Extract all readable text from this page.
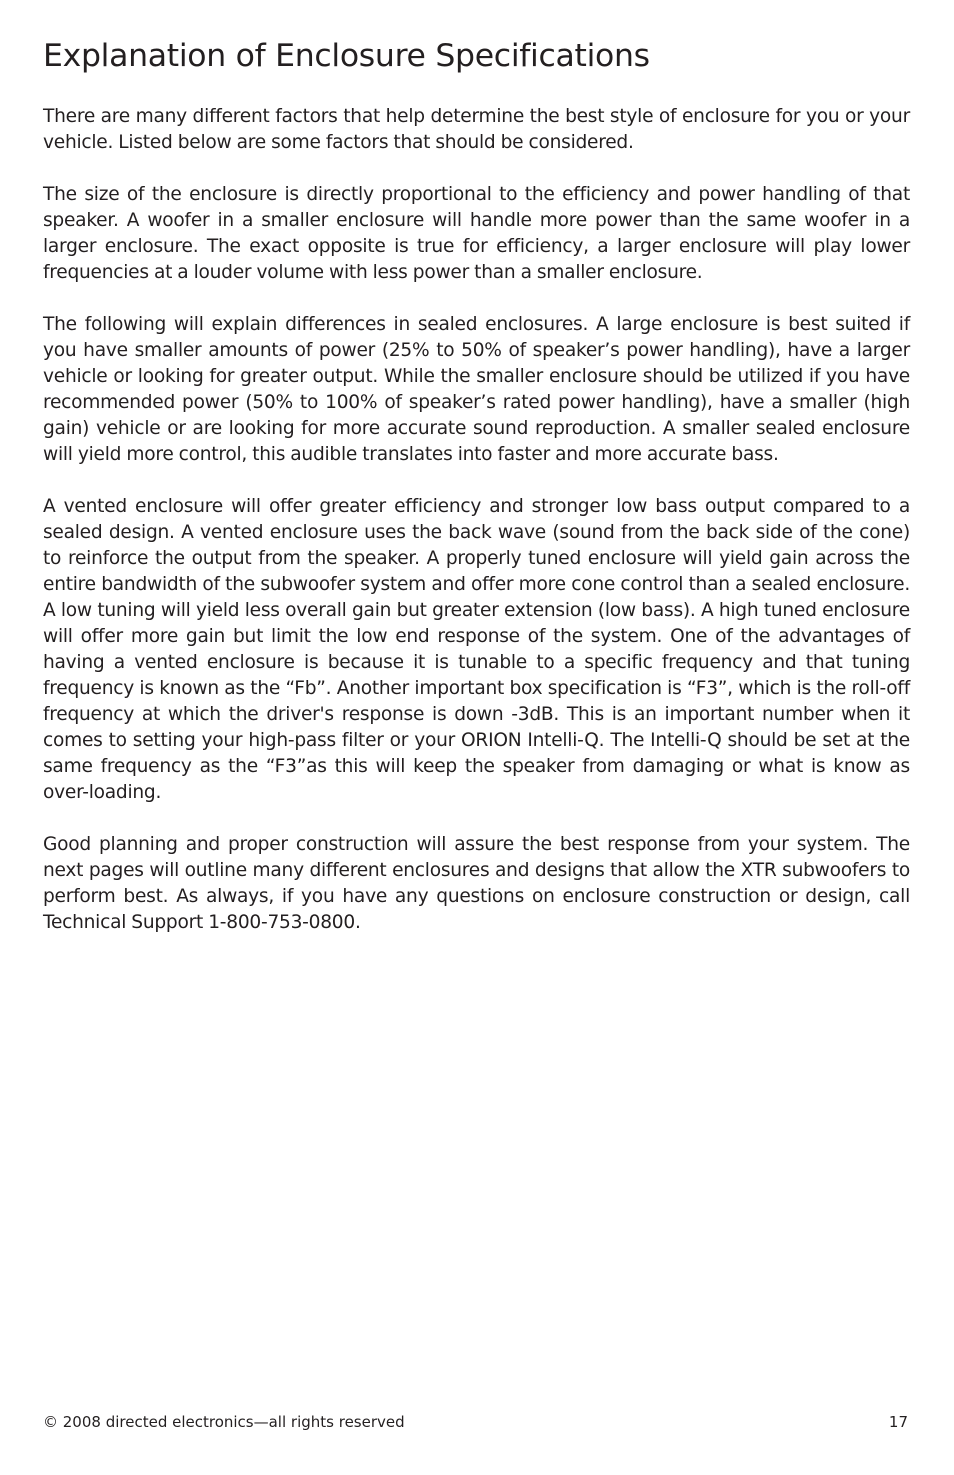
Explanation of Enclosure Specifications

There are many different factors that help determine the best style of enclosure for you or your vehicle. Listed below are some factors that should be considered.

The size of the enclosure is directly proportional to the efficiency and power handling of that speaker. A woofer in a smaller enclosure will handle more power than the same woofer in a larger enclosure. The exact opposite is true for efficiency, a larger enclosure will play lower frequencies at a louder volume with less power than a smaller enclosure.

The following will explain differences in sealed enclosures. A large enclosure is best suited if you have smaller amounts of power (25% to 50% of speaker’s power handling), have a larger vehicle or looking for greater output. While the smaller enclosure should be utilized if you have recommended power (50% to 100% of speaker’s rated power handling), have a smaller (high gain) vehicle or are looking for more accurate sound reproduction. A smaller sealed enclosure will yield more control, this audible translates into faster and more accurate bass.

A vented enclosure will offer greater efficiency and stronger low bass output compared to a sealed design. A vented enclosure uses the back wave (sound from the back side of the cone) to reinforce the output from the speaker. A properly tuned enclosure will yield gain across the entire bandwidth of the subwoofer system and offer more cone control than a sealed enclosure. A low tuning will yield less overall gain but greater extension (low bass). A high tuned enclosure will offer more gain but limit the low end response of the system. One of the advantages of having a vented enclosure is because it is tunable to a specific frequency and that tuning frequency is known as the “Fb”. Another important box specification is “F3”, which is the roll-off frequency at which the driver's response is down -3dB. This is an important number when it comes to setting your high-pass filter or your ORION Intelli-Q. The Intelli-Q should be set at the same frequency as the “F3”as this will keep the speaker from damaging or what is know as over-loading.

Good planning and proper construction will assure the best response from your system. The next pages will outline many different enclosures and designs that allow the XTR subwoofers to perform best. As always, if you have any questions on enclosure construction or design, call Technical Support 1-800-753-0800.

© 2008 directed electronics—all rights reserved	17
